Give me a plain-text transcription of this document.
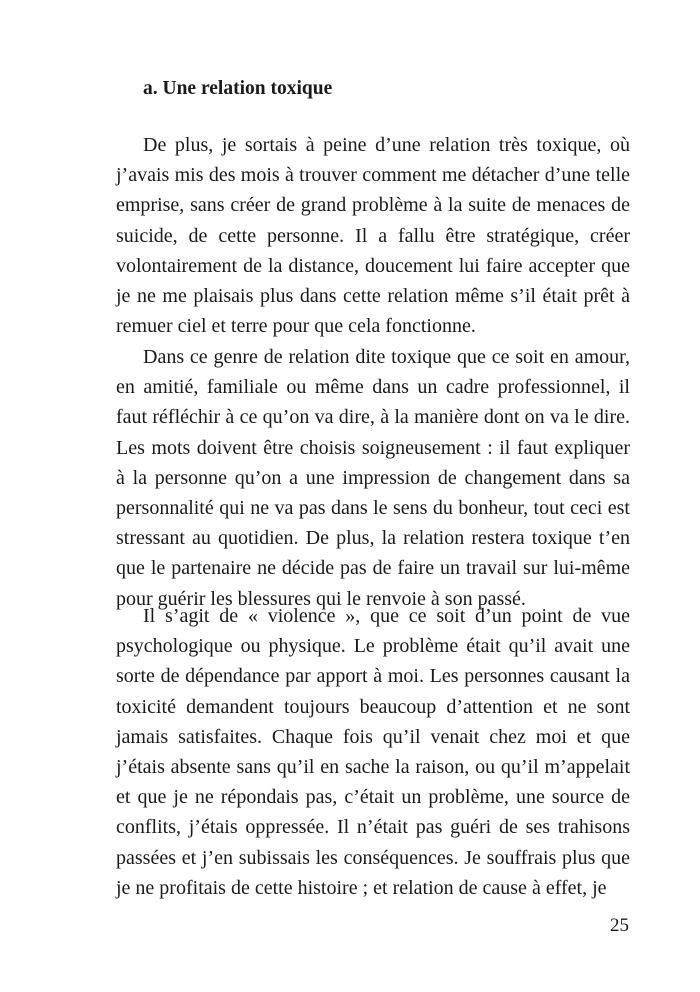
a. Une relation toxique

De plus, je sortais à peine d’une relation très toxique, où j’avais mis des mois à trouver comment me détacher d’une telle emprise, sans créer de grand problème à la suite de menaces de suicide, de cette personne. Il a fallu être stratégique, créer volontairement de la distance, doucement lui faire accepter que je ne me plaisais plus dans cette relation même s’il était prêt à remuer ciel et terre pour que cela fonctionne.

Dans ce genre de relation dite toxique que ce soit en amour, en amitié, familiale ou même dans un cadre professionnel, il faut réfléchir à ce qu’on va dire, à la manière dont on va le dire. Les mots doivent être choisis soigneusement : il faut expliquer à la personne qu’on a une impression de changement dans sa personnalité qui ne va pas dans le sens du bonheur, tout ceci est stressant au quotidien. De plus, la relation restera toxique t’en que le partenaire ne décide pas de faire un travail sur lui-même pour guérir les blessures qui le renvoie à son passé.

Il s’agit de « violence », que ce soit d’un point de vue psychologique ou physique. Le problème était qu’il avait une sorte de dépendance par apport à moi. Les personnes causant la toxicité demandent toujours beaucoup d’attention et ne sont jamais satisfaites. Chaque fois qu’il venait chez moi et que j’étais absente sans qu’il en sache la raison, ou qu’il m’appelait et que je ne répondais pas, c’était un problème, une source de conflits, j’étais oppressée. Il n’était pas guéri de ses trahisons passées et j’en subissais les conséquences. Je souffrais plus que je ne profitais de cette histoire ; et relation de cause à effet, je

25
